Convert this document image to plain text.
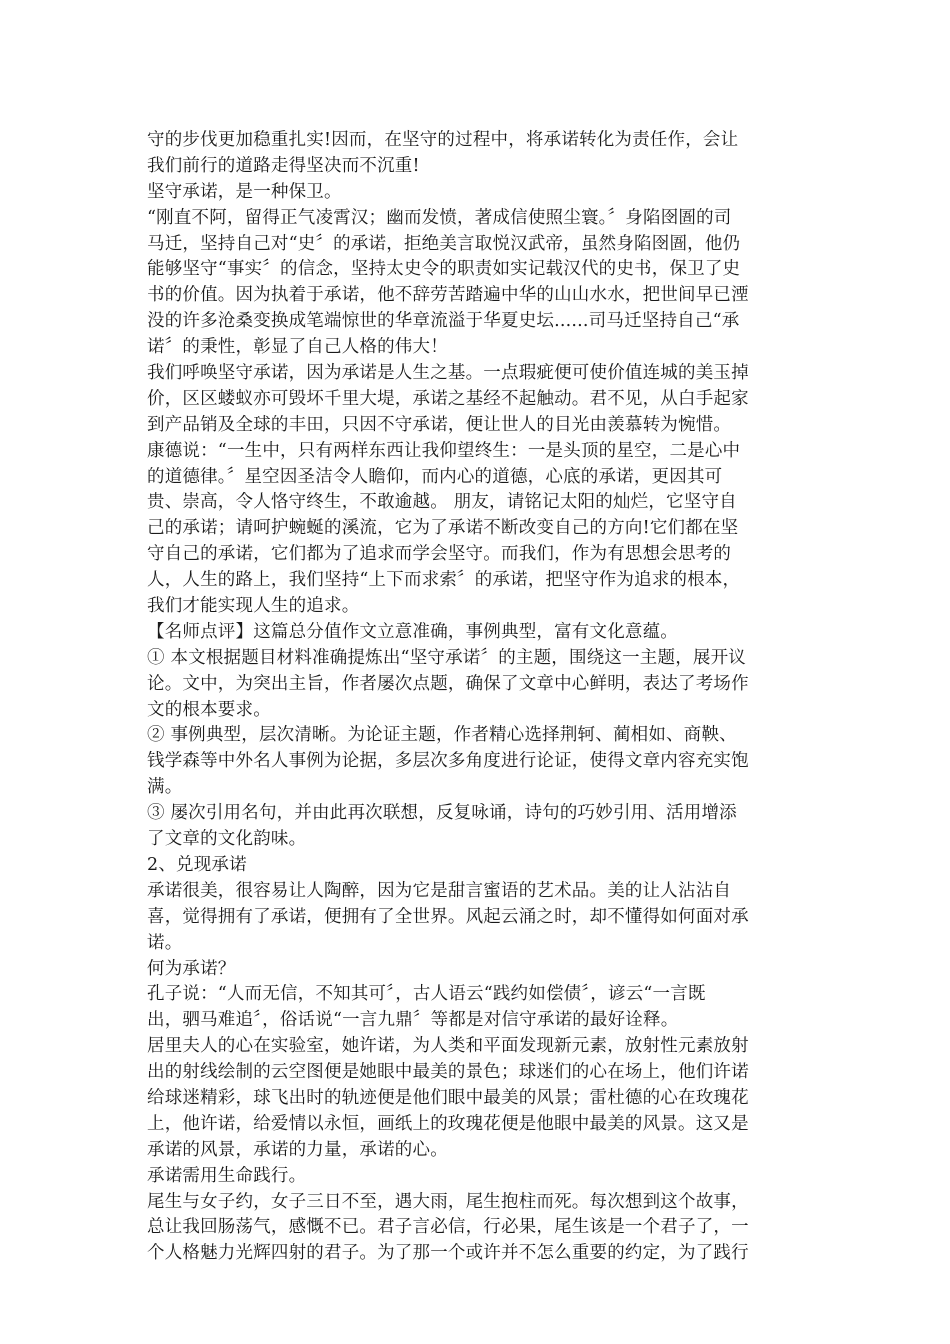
守的步伐更加稳重扎实!因而，在坚守的过程中，将承诺转化为责任作，会让
我们前行的道路走得坚决而不沉重!
坚守承诺，是一种保卫。
“刚直不阿，留得正气凌霄汉；幽而发愤，著成信使照尘寰。〞身陷囹圄的司
马迁，坚持自己对“史〞的承诺，拒绝美言取悦汉武帝，虽然身陷囹圄，他仍
能够坚守“事实〞的信念，坚持太史令的职责如实记载汉代的史书，保卫了史
书的价值。因为执着于承诺，他不辞劳苦踏遍中华的山山水水，把世间早已湮
没的许多沧桑变换成笔端惊世的华章流溢于华夏史坛......司马迁坚持自己“承
诺〞的秉性，彰显了自己人格的伟大！
我们呼唤坚守承诺，因为承诺是人生之基。一点瑕疵便可使价值连城的美玉掉
价，区区蝼蚁亦可毁坏千里大堤，承诺之基经不起触动。君不见，从白手起家
到产品销及全球的丰田，只因不守承诺，便让世人的目光由羡慕转为惋惜。
康德说：“一生中，只有两样东西让我仰望终生：一是头顶的星空，二是心中
的道德律。〞星空因圣洁令人瞻仰，而内心的道德，心底的承诺，更因其可
贵、崇高，令人恪守终生，不敢逾越。 朋友，请铭记太阳的灿烂，它坚守自
己的承诺；请呵护蜿蜒的溪流，它为了承诺不断改变自己的方向!它们都在坚
守自己的承诺，它们都为了追求而学会坚守。而我们，作为有思想会思考的
人，人生的路上，我们坚持“上下而求索〞的承诺，把坚守作为追求的根本，
我们才能实现人生的追求。
【名师点评】这篇总分值作文立意准确，事例典型，富有文化意蕴。
① 本文根据题目材料准确提炼出“坚守承诺〞的主题，围绕这一主题，展开议
论。文中，为突出主旨，作者屡次点题，确保了文章中心鲜明，表达了考场作
文的根本要求。
② 事例典型，层次清晰。为论证主题，作者精心选择荆轲、蔺相如、商鞅、
钱学森等中外名人事例为论据，多层次多角度进行论证，使得文章内容充实饱
满。
③ 屡次引用名句，并由此再次联想，反复咏诵，诗句的巧妙引用、活用增添
了文章的文化韵味。
2、兑现承诺
承诺很美，很容易让人陶醉，因为它是甜言蜜语的艺术品。美的让人沾沾自
喜，觉得拥有了承诺，便拥有了全世界。风起云涌之时，却不懂得如何面对承
诺。
何为承诺？
孔子说：“人而无信，不知其可〞，古人语云“践约如偿债〞，谚云“一言既
出，驷马难追〞，俗话说“一言九鼎〞等都是对信守承诺的最好诠释。
居里夫人的心在实验室，她许诺，为人类和平面发现新元素，放射性元素放射
出的射线绘制的云空图便是她眼中最美的景色；球迷们的心在场上，他们许诺
给球迷精彩，球飞出时的轨迹便是他们眼中最美的风景；雷杜德的心在玫瑰花
上，他许诺，给爱情以永恒，画纸上的玫瑰花便是他眼中最美的风景。这又是
承诺的风景，承诺的力量，承诺的心。
承诺需用生命践行。
尾生与女子约，女子三日不至，遇大雨，尾生抱柱而死。每次想到这个故事，
总让我回肠荡气，感慨不已。君子言必信，行必果，尾生该是一个君子了，一
个人格魅力光辉四射的君子。为了那一个或许并不怎么重要的约定，为了践行
